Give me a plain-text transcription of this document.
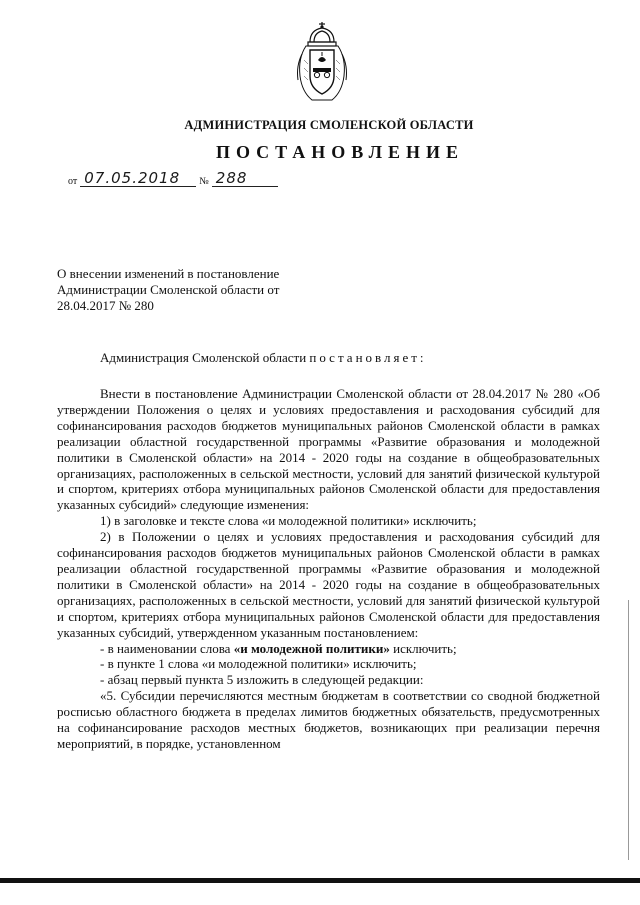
АДМИНИСТРАЦИЯ СМОЛЕНСКОЙ ОБЛАСТИ
ПОСТАНОВЛЕНИЕ
от 07.05.2018	№ 288
О внесении изменений в постановление
Администрации Смоленской области от
28.04.2017 № 280
Администрация Смоленской области постановляет:

Внести в постановление Администрации Смоленской области от 28.04.2017 № 280 «Об утверждении Положения о целях и условиях предоставления и расходования субсидий для софинансирования расходов бюджетов муниципальных районов Смоленской области в рамках реализации областной государственной программы «Развитие образования и молодежной политики в Смоленской области» на 2014 - 2020 годы на создание в общеобразовательных организациях, расположенных в сельской местности, условий для занятий физической культурой и спортом, критериях отбора муниципальных районов Смоленской области для предоставления указанных субсидий» следующие изменения:

1) в заголовке и тексте слова «и молодежной политики» исключить;

2) в Положении о целях и условиях предоставления и расходования субсидий для софинансирования расходов бюджетов муниципальных районов Смоленской области в рамках реализации областной государственной программы «Развитие образования и молодежной политики в Смоленской области» на 2014 - 2020 годы на создание в общеобразовательных организациях, расположенных в сельской местности, условий для занятий физической культурой и спортом, критериях отбора муниципальных районов Смоленской области для предоставления указанных субсидий, утвержденном указанным постановлением:

- в наименовании слова «и молодежной политики» исключить;

- в пункте 1 слова «и молодежной политики» исключить;

- абзац первый пункта 5 изложить в следующей редакции:

«5. Субсидии перечисляются местным бюджетам в соответствии со сводной бюджетной росписью областного бюджета в пределах лимитов бюджетных обязательств, предусмотренных на софинансирование расходов местных бюджетов, возникающих при реализации перечня мероприятий, в порядке, установленном
